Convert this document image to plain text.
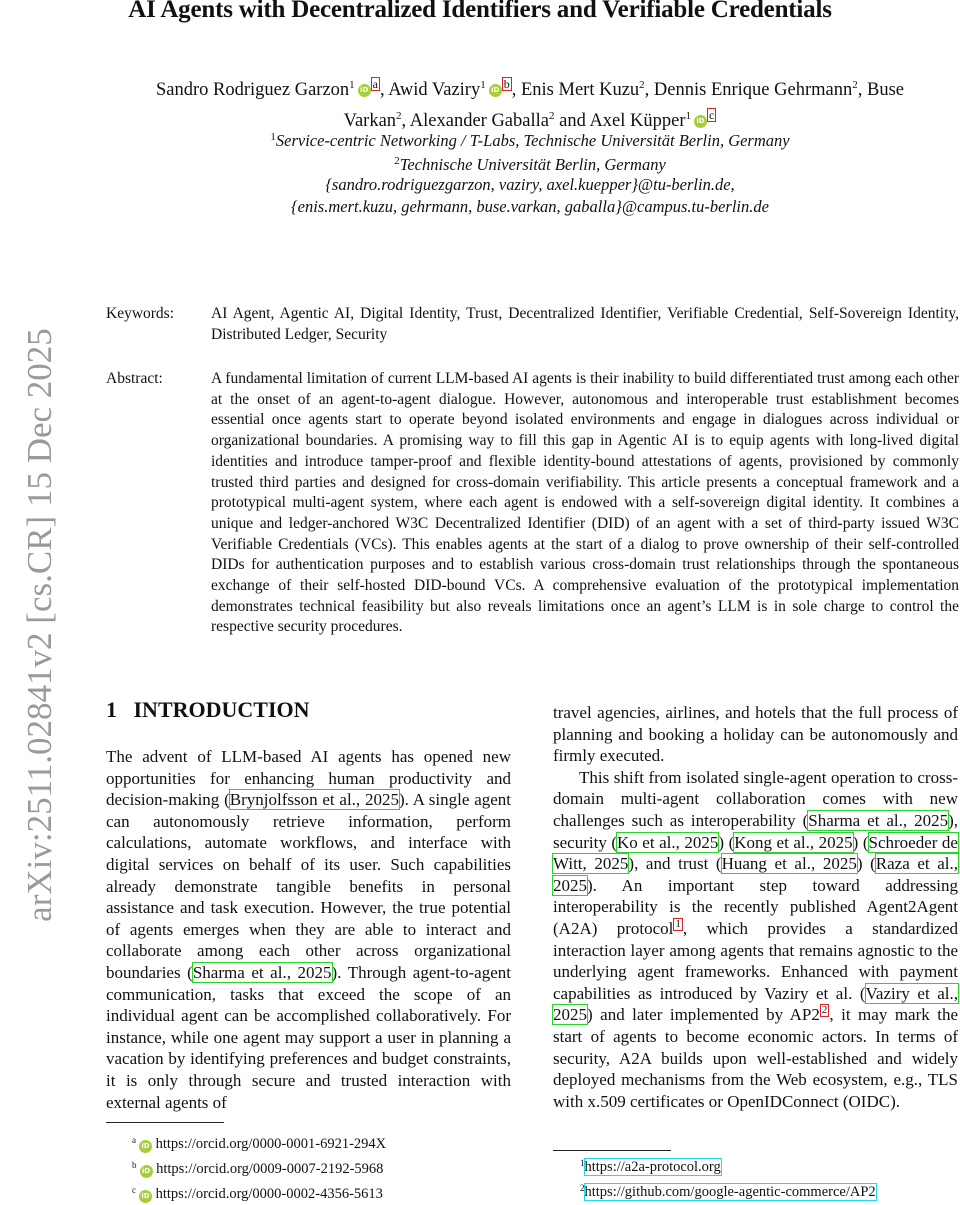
AI Agents with Decentralized Identifiers and Verifiable Credentials
Sandro Rodriguez Garzon$^1$ iD a , Awid Vaziry$^1$ iD b , Enis Mert Kuzu$^2$, Dennis Enrique Gehrmann$^2$, Buse
Varkan$^2$, Alexander Gaballa$^2$ and Axel Küpper$^1$ iD c
$^1$Service-centric Networking / T-Labs, Technische Universität Berlin, Germany
$^2$Technische Universität Berlin, Germany
{sandro.rodriguezgarzon, vaziry, axel.kuepper}@tu-berlin.de,
{enis.mert.kuzu, gehrmann, buse.varkan, gaballa}@campus.tu-berlin.de
arXiv:2511.02841v2 [cs.CR] 15 Dec 2025
Keywords: AI Agent, Agentic AI, Digital Identity, Trust, Decentralized Identifier, Verifiable Credential, Self-Sovereign Identity, Distributed Ledger, Security
Abstract:	A fundamental limitation of current LLM-based AI agents is their inability to build differentiated trust among each other at the onset of an agent-to-agent dialogue. However, autonomous and interoperable trust establishment becomes essential once agents start to operate beyond isolated environments and engage in dialogues across individual or organizational boundaries. A promising way to fill this gap in Agentic AI is to equip agents with long-lived digital identities and introduce tamper-proof and flexible identity-bound attestations of agents, provisioned by commonly trusted third parties and designed for cross-domain verifiability. This article presents a conceptual framework and a prototypical multi-agent system, where each agent is endowed with a self-sovereign digital identity. It combines a unique and ledger-anchored W3C Decentralized Identifier (DID) of an agent with a set of third-party issued W3C Verifiable Credentials (VCs). This enables agents at the start of a dialog to prove ownership of their self-controlled DIDs for authentication purposes and to establish various cross-domain trust relationships through the spontaneous exchange of their self-hosted DID-bound VCs. A comprehensive evaluation of the prototypical implementation demonstrates technical feasibility but also reveals limitations once an agent’s LLM is in sole charge to control the respective security procedures.
1 INTRODUCTION
The advent of LLM-based AI agents has opened new opportunities for enhancing human productivity and decision-making (Brynjolfsson et al., 2025). A single agent can autonomously retrieve information, perform calculations, automate workflows, and interface with digital services on behalf of its user. Such capabilities already demonstrate tangible benefits in personal assistance and task execution. However, the true potential of agents emerges when they are able to interact and collaborate among each other across organizational boundaries (Sharma et al., 2025). Through agent-to-agent communication, tasks that exceed the scope of an individual agent can be accomplished collaboratively. For instance, while one agent may support a user in planning a vacation by identifying preferences and budget constraints, it is only through secure and trusted interaction with external agents of
$^a$iD https://orcid.org/0000-0001-6921-294X
$^b$iD https://orcid.org/0009-0007-2192-5968
$^c$iD https://orcid.org/0000-0002-4356-5613
travel agencies, airlines, and hotels that the full process of planning and booking a holiday can be autonomously and firmly executed.
This shift from isolated single-agent operation to cross-domain multi-agent collaboration comes with new challenges such as interoperability (Sharma et al., 2025), security (Ko et al., 2025) (Kong et al., 2025) (Schroeder de Witt, 2025), and trust (Huang et al., 2025) (Raza et al., 2025). An important step toward addressing interoperability is the recently published Agent2Agent (A2A) protocol 1 , which provides a standardized interaction layer among agents that remains agnostic to the underlying agent frameworks. Enhanced with payment capabilities as introduced by Vaziry et al. (Vaziry et al., 2025) and later implemented by AP2 2 , it may mark the start of agents to become economic actors. In terms of security, A2A builds upon well-established and widely deployed mechanisms from the Web ecosystem, e.g., TLS with x.509 certificates or OpenIDConnect (OIDC).
$^1$https://a2a-protocol.org
$^2$https://github.com/google-agentic-commerce/AP2
